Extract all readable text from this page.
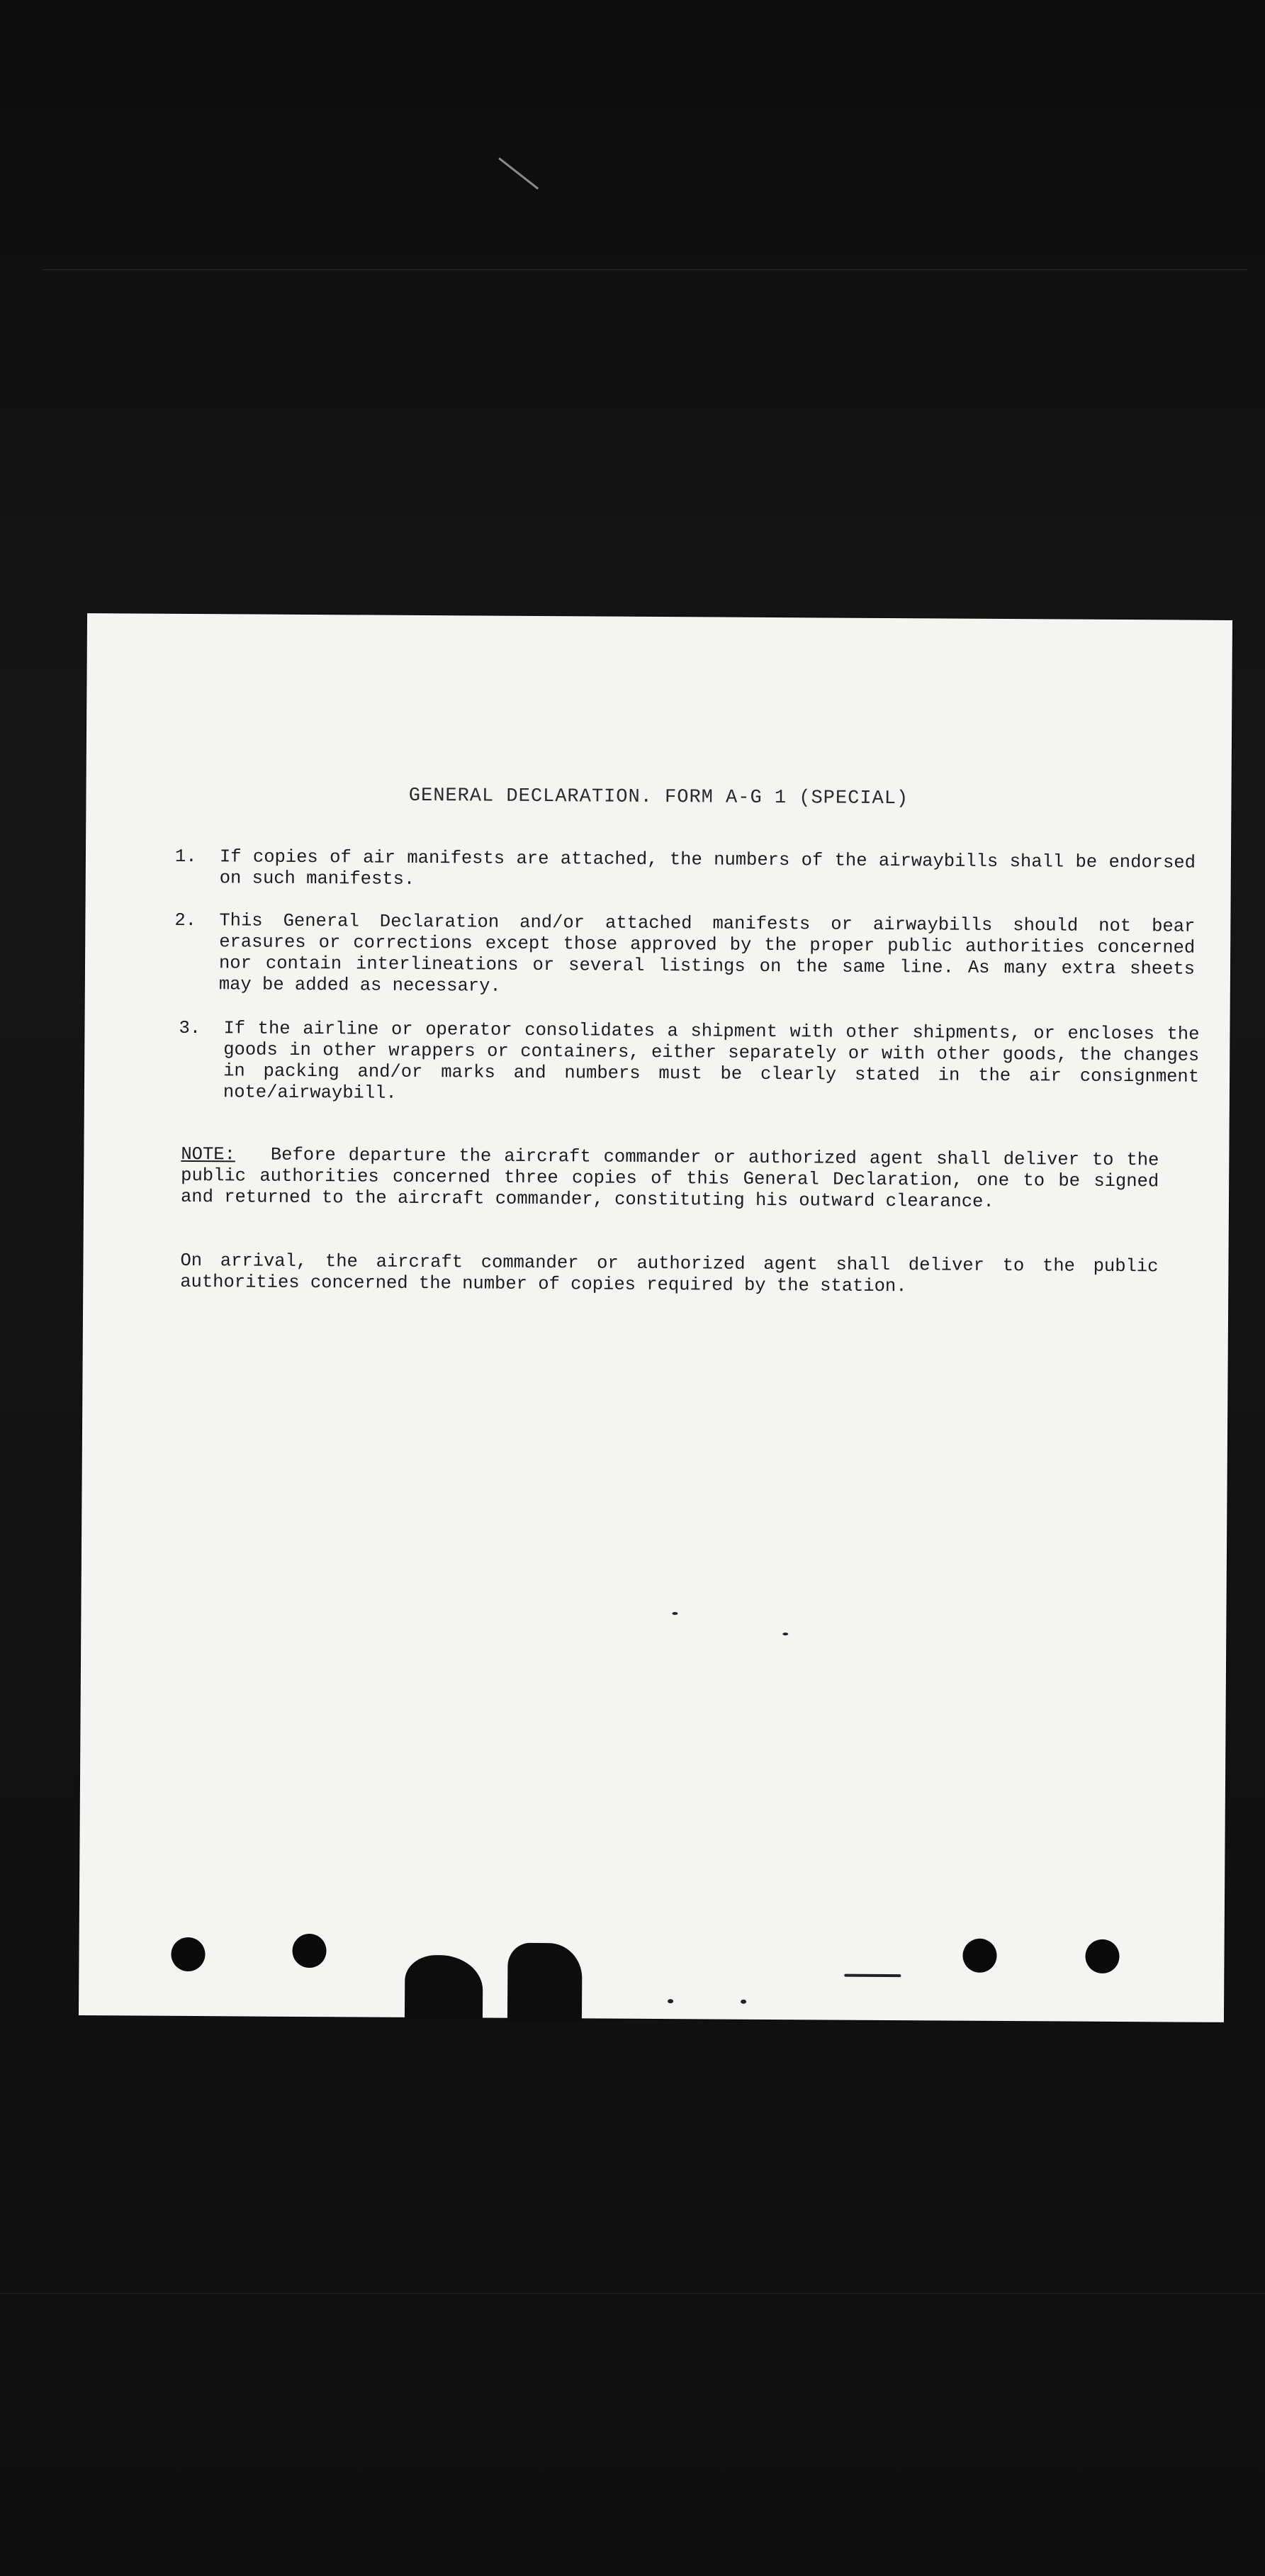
GENERAL DECLARATION. FORM A-G 1 (SPECIAL)
1. If copies of air manifests are attached, the numbers of the airwaybills shall be endorsed on such manifests.
2. This General Declaration and/or attached manifests or airwaybills should not bear erasures or corrections except those approved by the proper public authorities concerned nor contain interlineations or several listings on the same line. As many extra sheets may be added as necessary.
3. If the airline or operator consolidates a shipment with other shipments, or encloses the goods in other wrappers or containers, either separately or with other goods, the changes in packing and/or marks and numbers must be clearly stated in the air consignment note/airwaybill.
NOTE: Before departure the aircraft commander or authorized agent shall deliver to the public authorities concerned three copies of this General Declaration, one to be signed and returned to the aircraft commander, constituting his outward clearance.
On arrival, the aircraft commander or authorized agent shall deliver to the public authorities concerned the number of copies required by the station.
